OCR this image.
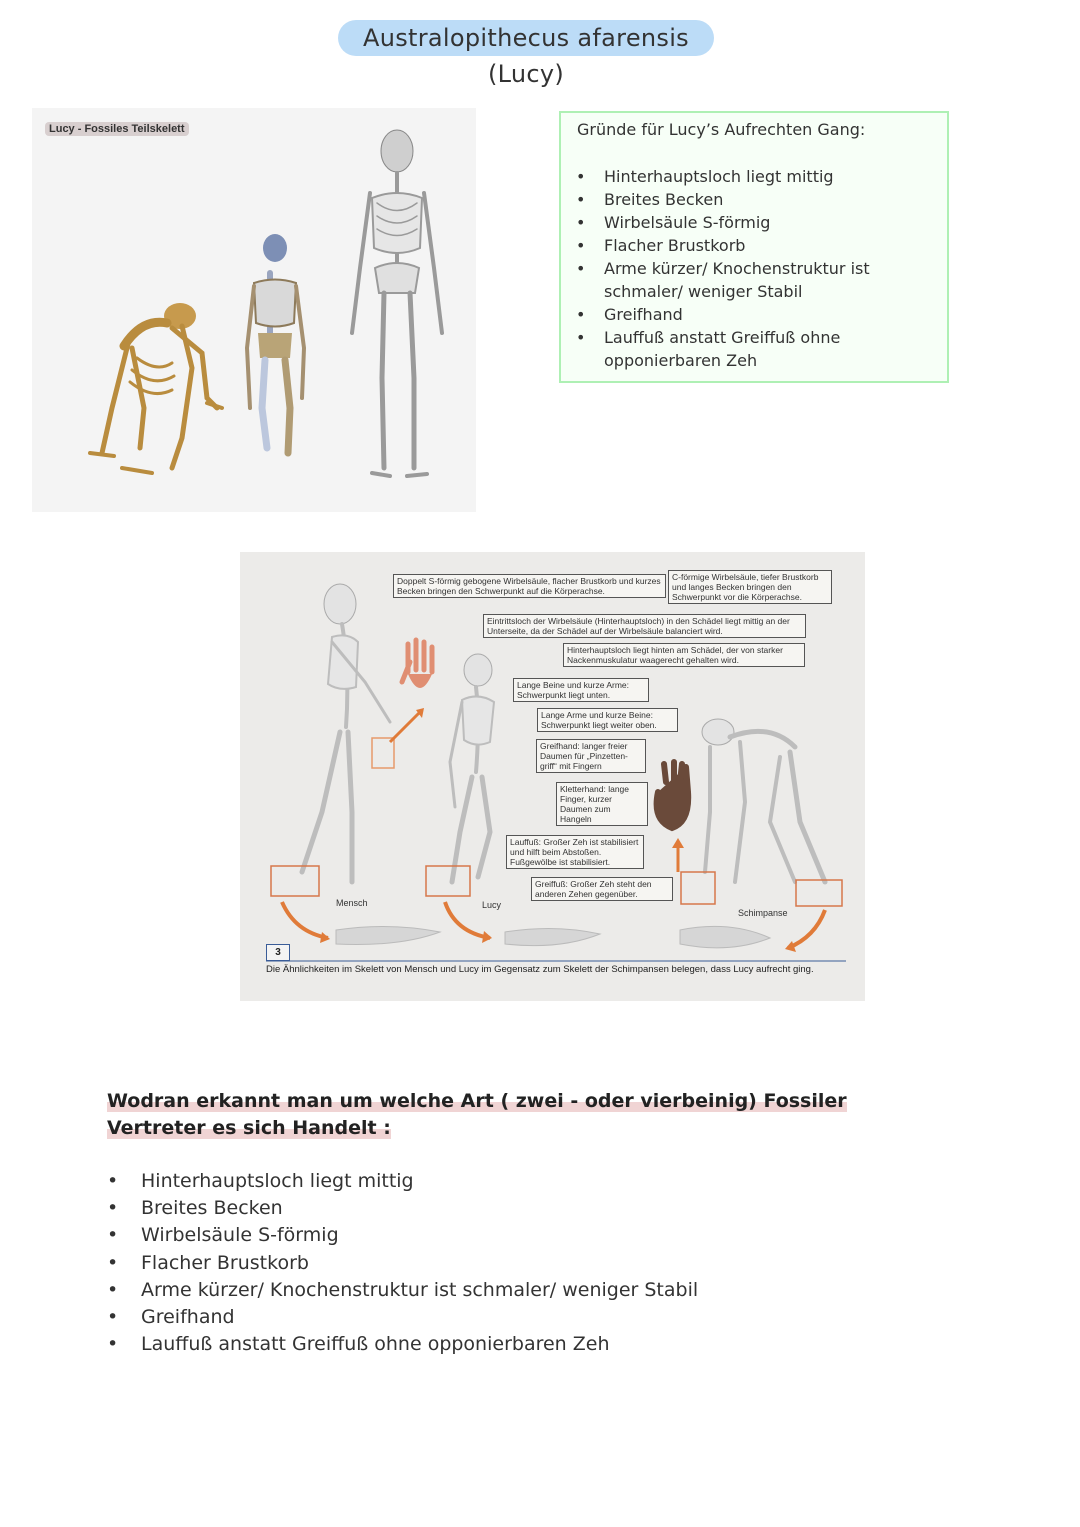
Australopithecus afarensis (Lucy)
Lucy - Fossiles Teilskelett	Gründe für Lucy’s Aufrechten Gang:
• Hinterhauptsloch liegt mittig
• Breites Becken
• Wirbelsäule S-förmig
• Flacher Brustkorb
• Arme kürzer/ Knochenstruktur ist schmaler/ weniger Stabil
• Greifhand
• Lauffuß anstatt Greiffuß ohne opponierbaren Zeh
Doppelt S-förmig gebogene Wirbelsäule, flacher Brustkorb und kurzes Becken bringen den Schwerpunkt auf die Körperachse.
C-förmige Wirbelsäule, tiefer Brustkorb und langes Becken bringen den Schwerpunkt vor die Körperachse.
Eintrittsloch der Wirbelsäule (Hinterhauptsloch) in den Schädel liegt mittig an der Unterseite, da der Schädel auf der Wirbelsäule balanciert wird.
Hinterhauptsloch liegt hinten am Schädel, der von starker Nackenmuskulatur waagerecht gehalten wird.
Lange Beine und kurze Arme: Schwerpunkt liegt unten.
Lange Arme und kurze Beine: Schwerpunkt liegt weiter oben.
Greifhand: langer freier Daumen für „Pinzetten-griff“ mit Fingern
Kletterhand: lange Finger, kurzer Daumen zum Hangeln
Lauffuß: Großer Zeh ist stabilisiert und hilft beim Abstoßen. Fußgewölbe ist stabilisiert.
Greiffuß: Großer Zeh steht den anderen Zehen gegenüber.
Mensch	Lucy
Schimpanse
3
Die Ähnlichkeiten im Skelett von Mensch und Lucy im Gegensatz zum Skelett der Schimpansen belegen, dass Lucy aufrecht ging.
Wodran erkannt man um welche Art ( zwei - oder vierbeinig) Fossiler Vertreter es sich Handelt :
• Hinterhauptsloch liegt mittig
• Breites Becken
• Wirbelsäule S-förmig
• Flacher Brustkorb
• Arme kürzer/ Knochenstruktur ist schmaler/ weniger Stabil
• Greifhand
• Lauffuß anstatt Greiffuß ohne opponierbaren Zeh
